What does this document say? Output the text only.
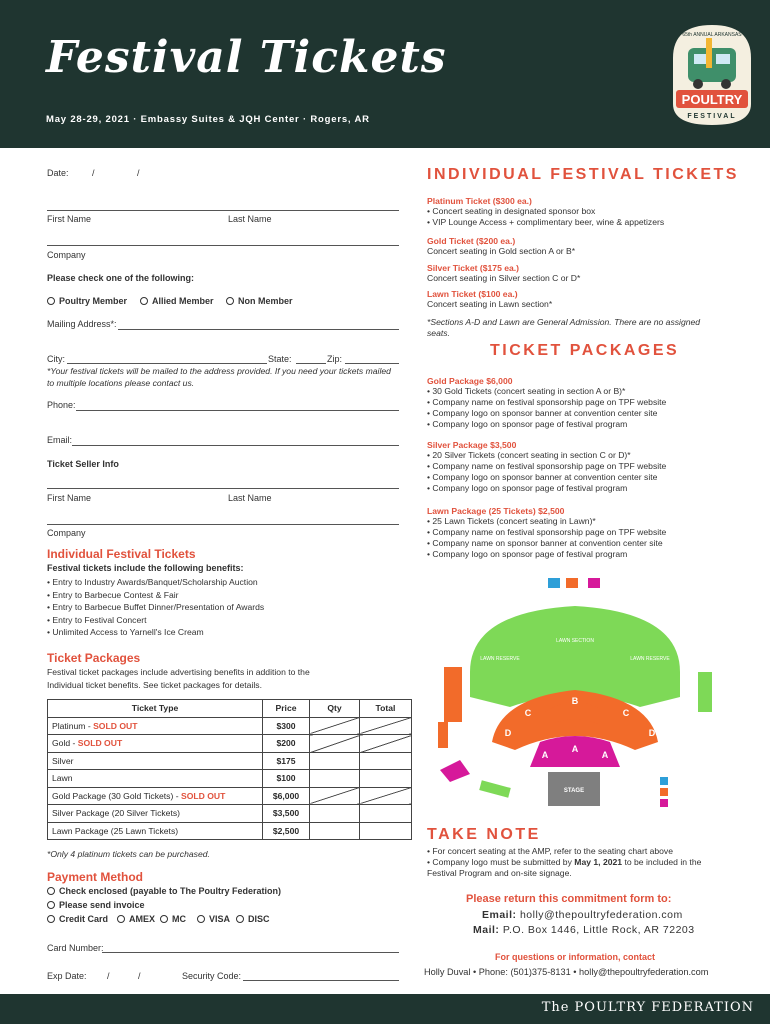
Festival Tickets
May 28-29, 2021 · Embassy Suites & JQH Center · Rogers, AR
POULTRY
FESTIVAL
65th ANNUAL ARKANSAS
Date:	/	/
First Name	Last Name
Company
Please check one of the following:
Poultry Member	Allied Member	Non Member
Mailing Address*:
City:	State:	Zip:
*Your festival tickets will be mailed to the address provided. If you need your tickets mailed to multiple locations please contact us.
Phone:
Email:
Ticket Seller Info
First Name	Last Name
Company
Individual Festival Tickets
Festival tickets include the following benefits:
• Entry to Industry Awards/Banquet/Scholarship Auction
• Entry to Barbecue Contest & Fair
• Entry to Barbecue Buffet Dinner/Presentation of Awards
• Entry to Festival Concert
• Unlimited Access to Yarnell's Ice Cream
Ticket Packages
Festival ticket packages include advertising benefits in addition to the Individual ticket benefits. See ticket packages for details.
Ticket Type	Price	Qty	Total
Platinum - SOLD OUT	$300		
Gold - SOLD OUT	$200		
Silver	$175		
Lawn	$100		
Gold Package (30 Gold Tickets) - SOLD OUT	$6,000		
Silver Package (20 Silver Tickets)	$3,500		
Lawn Package (25 Lawn Tickets)	$2,500		
*Only 4 platinum tickets can be purchased.
Payment Method
Check enclosed (payable to The Poultry Federation)
Please send invoice
Credit Card	AMEX	MC	VISA	DISC
Card Number:
Exp Date: /	/	Security Code:
INDIVIDUAL FESTIVAL TICKETS
Platinum Ticket ($300 ea.)
• Concert seating in designated sponsor box
• VIP Lounge Access + complimentary beer, wine & appetizers
Gold Ticket ($200 ea.)
Concert seating in Gold section A or B*
Silver Ticket ($175 ea.)
Concert seating in Silver section C or D*
Lawn Ticket ($100 ea.)
Concert seating in Lawn section*
*Sections A-D and Lawn are General Admission. There are no assigned seats.
TICKET PACKAGES
Gold Package $6,000
• 30 Gold Tickets (concert seating in section A or B)*
• Company name on festival sponsorship page on TPF website
• Company logo on sponsor banner at convention center site
• Company logo on sponsor page of festival program
Silver Package $3,500
• 20 Silver Tickets (concert seating in section C or D)*
• Company name on festival sponsorship page on TPF website
• Company logo on sponsor banner at convention center site
• Company logo on sponsor page of festival program
Lawn Package (25 Tickets) $2,500
• 25 Lawn Tickets (concert seating in Lawn)*
• Company name on festival sponsorship page on TPF website
• Company name on sponsor banner at convention center site
• Company logo on sponsor page of festival program
LAWN SECTION
LAWN RESERVE	LAWN RESERVE
B
C	C
D	D
A
A
A
STAGE
TAKE NOTE
• For concert seating at the AMP, refer to the seating chart above
• Company logo must be submitted by May 1, 2021 to be included in the Festival Program and on-site signage.
Please return this commitment form to:
Email: holly@thepoultryfederation.com
Mail: P.O. Box 1446, Little Rock, AR 72203
For questions or information, contact
Holly Duval • Phone: (501)375-8131 • holly@thepoultryfederation.com
The POULTRY FEDERATION
